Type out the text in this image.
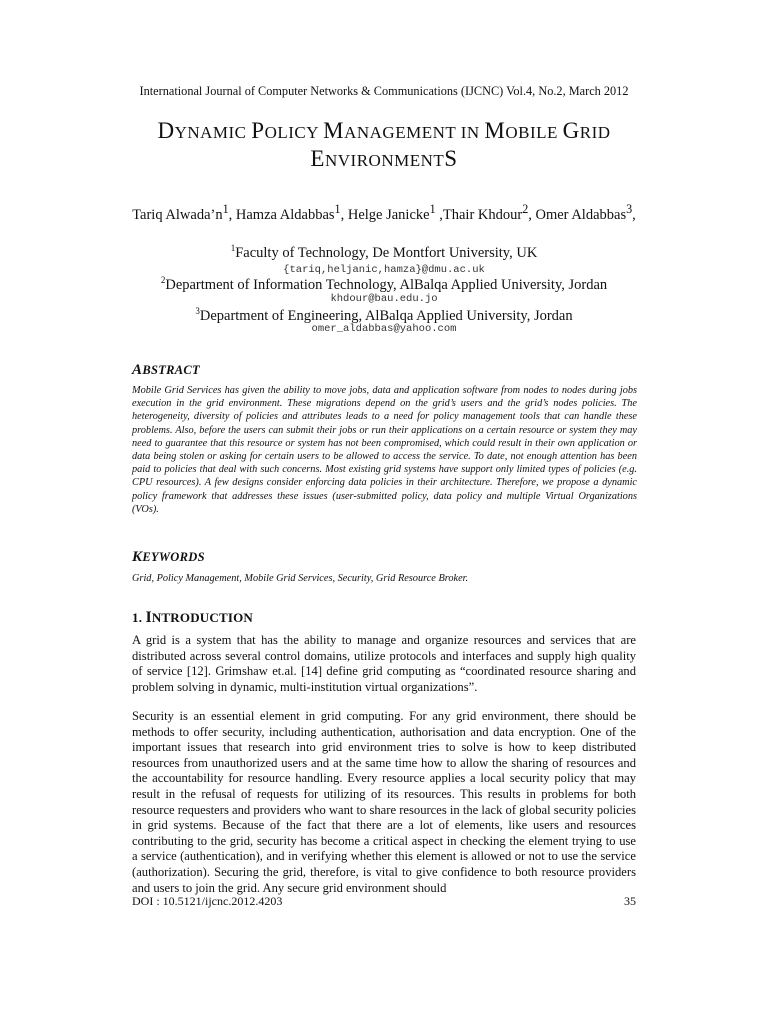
International Journal of Computer Networks & Communications (IJCNC) Vol.4, No.2, March 2012
DYNAMIC POLICY MANAGEMENT IN MOBILE GRID
ENVIRONMENTS
Tariq $Alwada’n^1$, Hamza Aldabbas$^1$, Helge Janicke$^1$ ,Thair Khdour$^2$, Omer Aldabbas$^3$,
$^1$Faculty of Technology, De Montfort University, UK
{tariq,heljanic,hamza}@dmu.ac.uk
$^2$Department of Information Technology, AlBalqa Applied University, Jordan
khdour@bau.edu.jo
$^3$Department of Engineering, AlBalqa Applied University, Jordan
omer_aldabbas@yahoo.com
ABSTRACT
Mobile Grid Services has given the ability to move jobs, data and application software from nodes to nodes during jobs execution in the grid environment. These migrations depend on the grid’s users and the grid’s nodes policies. The heterogeneity, diversity of policies and attributes leads to a need for policy management tools that can handle these problems. Also, before the users can submit their jobs or run their applications on a certain resource or system they may need to guarantee that this resource or system has not been compromised, which could result in their own application or data being stolen or asking for certain users to be allowed to access the service. To date, not enough attention has been paid to policies that deal with such concerns. Most existing grid systems have support only limited types of policies (e.g. CPU resources). A few designs consider enforcing data policies in their architecture. Therefore, we propose a dynamic policy framework that addresses these issues (user-submitted policy, data policy and multiple Virtual Organizations (VOs).
KEYWORDS
Grid, Policy Management, Mobile Grid Services, Security, Grid Resource Broker.
1. INTRODUCTION
A grid is a system that has the ability to manage and organize resources and services that are distributed across several control domains, utilize protocols and interfaces and supply high quality of service [12]. Grimshaw et.al. [14] define grid computing as “coordinated resource sharing and problem solving in dynamic, multi-institution virtual organizations”.
Security is an essential element in grid computing. For any grid environment, there should be methods to offer security, including authentication, authorisation and data encryption. One of the important issues that research into grid environment tries to solve is how to keep distributed resources from unauthorized users and at the same time how to allow the sharing of resources and the accountability for resource handling. Every resource applies a local security policy that may result in the refusal of requests for utilizing of its resources. This results in problems for both resource requesters and providers who want to share resources in the lack of global security policies in grid systems. Because of the fact that there are a lot of elements, like users and resources contributing to the grid, security has become a critical aspect in checking the element trying to use a service (authentication), and in verifying whether this element is allowed or not to use the service (authorization). Securing the grid, therefore, is vital to give confidence to both resource providers and users to join the grid. Any secure grid environment should
DOI : 10.5121/ijcnc.2012.4203	35
